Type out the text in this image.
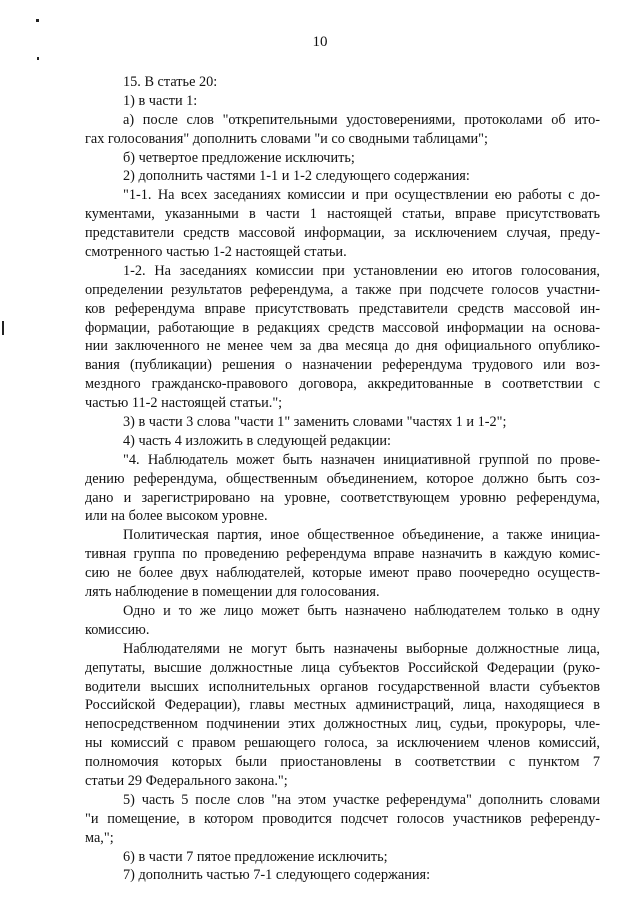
10
15. В статье 20:
1) в части 1:
а) после слов "открепительными удостоверениями, протоколами об ито-
гах голосования" дополнить словами "и со сводными таблицами";
б) четвертое предложение исключить;
2) дополнить частями 1-1 и 1-2 следующего содержания:
"1-1. На всех заседаниях комиссии и при осуществлении ею работы с до-
кументами, указанными в части 1 настоящей статьи, вправе присутствовать
представители средств массовой информации, за исключением случая, преду-
смотренного частью 1-2 настоящей статьи.
1-2. На заседаниях комиссии при установлении ею итогов голосования,
определении результатов референдума, а также при подсчете голосов участни-
ков референдума вправе присутствовать представители средств массовой ин-
формации, работающие в редакциях средств массовой информации на основа-
нии заключенного не менее чем за два месяца до дня официального опублико-
вания (публикации) решения о назначении референдума трудового или воз-
мездного гражданско-правового договора, аккредитованные в соответствии с
частью 11-2 настоящей статьи.";
3) в части 3 слова "части 1" заменить словами "частях 1 и 1-2";
4) часть 4 изложить в следующей редакции:
"4. Наблюдатель может быть назначен инициативной группой по прове-
дению референдума, общественным объединением, которое должно быть соз-
дано и зарегистрировано на уровне, соответствующем уровню референдума,
или на более высоком уровне.
Политическая партия, иное общественное объединение, а также инициа-
тивная группа по проведению референдума вправе назначить в каждую комис-
сию не более двух наблюдателей, которые имеют право поочередно осуществ-
лять наблюдение в помещении для голосования.
Одно и то же лицо может быть назначено наблюдателем только в одну
комиссию.
Наблюдателями не могут быть назначены выборные должностные лица,
депутаты, высшие должностные лица субъектов Российской Федерации (руко-
водители высших исполнительных органов государственной власти субъектов
Российской Федерации), главы местных администраций, лица, находящиеся в
непосредственном подчинении этих должностных лиц, судьи, прокуроры, чле-
ны комиссий с правом решающего голоса, за исключением членов комиссий,
полномочия которых были приостановлены в соответствии с пунктом 7
статьи 29 Федерального закона.";
5) часть 5 после слов "на этом участке референдума" дополнить словами
"и помещение, в котором проводится подсчет голосов участников референду-
ма,";
6) в части 7 пятое предложение исключить;
7) дополнить частью 7-1 следующего содержания:
